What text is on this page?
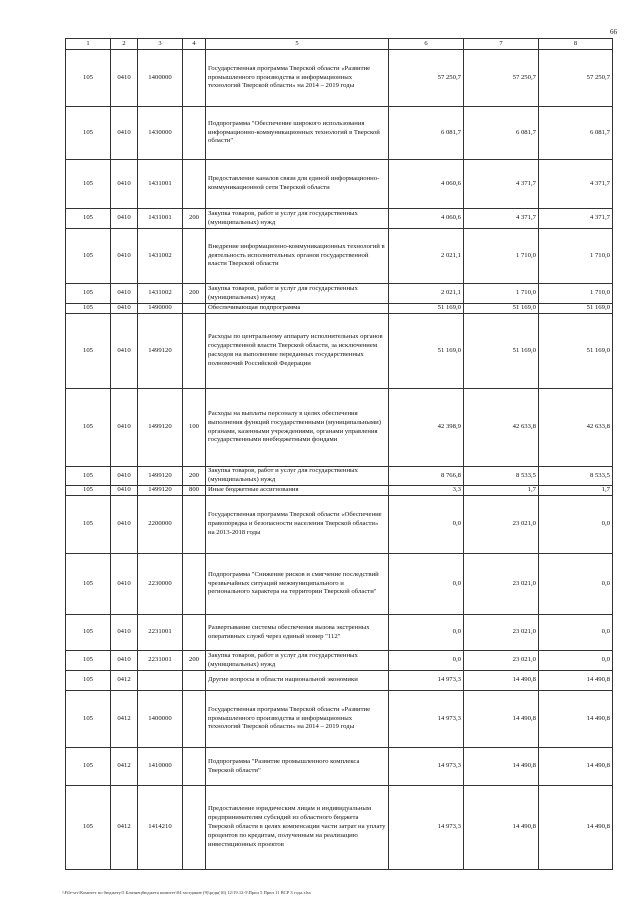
66
1	2	3	4	5	6	7	8
105	0410	1400000		Государственная программа Тверской области «Развитие промышленного производства и информационных технологий Тверской области» на 2014 – 2019 годы	57 250,7	57 250,7	57 250,7
105	0410	1430000		Подпрограмма "Обеспечение широкого использования информационно-коммуникационных технологий в Тверской области"	6 081,7	6 081,7	6 081,7
105	0410	1431001		Предоставление каналов связи для единой информационно-коммуникационной сети Тверской области	4 060,6	4 371,7	4 371,7
105	0410	1431001	200	Закупка товаров, работ и услуг для государственных (муниципальных) нужд	4 060,6	4 371,7	4 371,7
105	0410	1431002		Внедрение информационно-коммуникационных технологий в деятельность исполнительных органов государственной власти Тверской области	2 021,1	1 710,0	1 710,0
105	0410	1431002	200	Закупка товаров, работ и услуг для государственных (муниципальных) нужд	2 021,1	1 710,0	1 710,0
105	0410	1490000		Обеспечивающая подпрограмма	51 169,0	51 169,0	51 169,0
105	0410	1499120		Расходы по центральному аппарату исполнительных органов государственной власти Тверской области, за исключением расходов на выполнение переданных государственных полномочий Российской Федерации	51 169,0	51 169,0	51 169,0
105	0410	1499120	100	Расходы на выплаты персоналу в целях обеспечения выполнения функций государственными (муниципальными) органами, казенными учреждениями, органами управления государственными внебюджетными фондами	42 398,9	42 633,8	42 633,8
105	0410	1499120	200	Закупка товаров, работ и услуг для государственных (муниципальных) нужд	8 766,8	8 533,5	8 533,5
105	0410	1499120	800	Иные бюджетные ассигнования	3,3	1,7	1,7
105	0410	2200000		Государственная программа Тверской области «Обеспечение правопорядка и безопасности населения Тверской области» на 2013-2018 годы	0,0	23 021,0	0,0
105	0410	2230000		Подпрограмма "Снижение рисков и смягчение последствий чрезвычайных ситуаций межмуниципального и регионального характера на территории Тверской области"	0,0	23 021,0	0,0
105	0410	2231001		Развертывание системы обеспечения вызова экстренных оперативных служб через единый номер "112"	0,0	23 021,0	0,0
105	0410	2231001	200	Закупка товаров, работ и услуг для государственных (муниципальных) нужд	0,0	23 021,0	0,0
105	0412			Другие вопросы в области национальной экономики	14 973,3	14 490,8	14 490,8
105	0412	1400000		Государственная программа Тверской области «Развитие промышленного производства и информационных технологий Тверской области» на 2014 – 2019 годы	14 973,3	14 490,8	14 490,8
105	0412	1410000		Подпрограмма "Развитие промышленного комплекса Тверской области"	14 973,3	14 490,8	14 490,8
105	0412	1414210		Предоставление юридическим лицам и индивидуальным предпринимателям субсидий из областного бюджета Тверской области в целях компенсации части затрат на уплату процентов по кредитам, полученным на реализацию инвестиционных проектов	14 973,3	14 490,8	14 490,8
\\File-srv\Комитет по бюджету\5 Близнецбюджета комитет\04 заседание (9)\ргдн(16) 12\19.12-5\Прил 5 Прил 11 ВСР 3 года.xlsx
